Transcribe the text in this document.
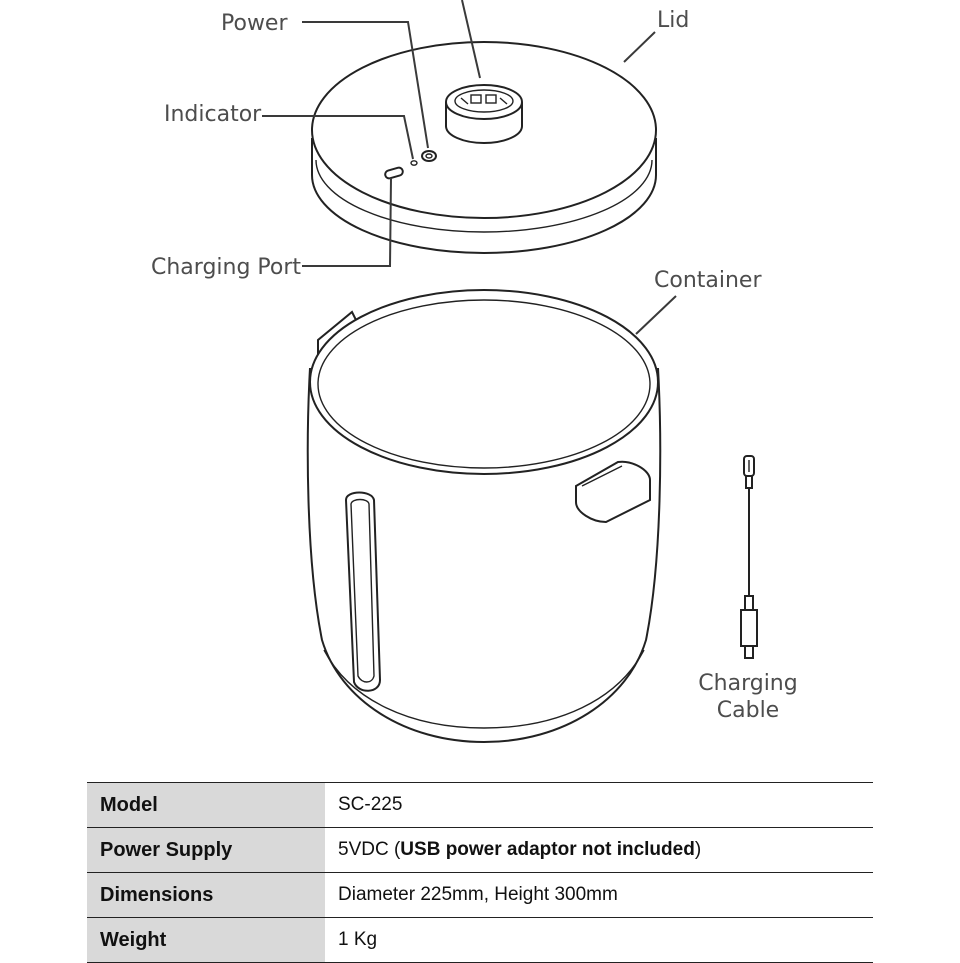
Power	Lid
Indicator
Charging Port
Container
Charging
Cable
Model	SC-225
Power Supply	5VDC (USB power adaptor not included)
Dimensions	Diameter 225mm, Height 300mm
Weight	1 Kg
